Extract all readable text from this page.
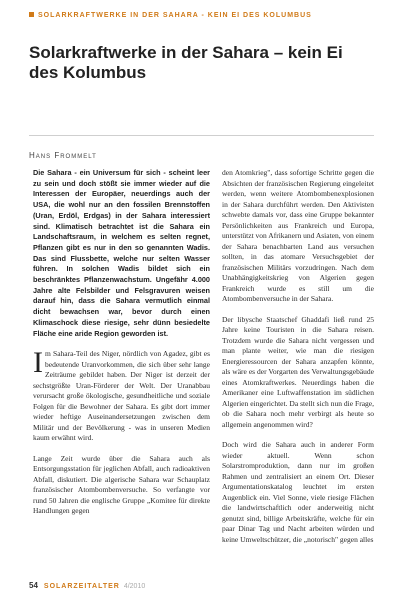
SOLARKRAFTWERKE IN DER SAHARA - KEIN EI DES KOLUMBUS
Solarkraftwerke in der Sahara – kein Ei des Kolumbus
Hans Frommelt

Die Sahara - ein Universum für sich - scheint leer zu sein und doch stößt sie immer wieder auf die Interessen der Europäer, neuerdings auch der USA, die wohl nur an den fossilen Brennstoffen (Uran, Erdöl, Erdgas) in der Sahara interessiert sind. Klimatisch betrachtet ist die Sahara ein Landschaftsraum, in welchem es selten regnet, Pflanzen gibt es nur in den so genannten Wadis. Das sind Flussbette, welche nur selten Wasser führen. In solchen Wadis bildet sich ein beschränktes Pflanzenwachstum. Ungefähr 4.000 Jahre alte Felsbilder und Felsgravuren weisen darauf hin, dass die Sahara vermutlich einmal dicht bewachsen war, bevor durch einen Klimaschock diese riesige, sehr dünn besiedelte Fläche eine aride Region geworden ist.

Im Sahara-Teil des Niger, nördlich von Agadez, gibt es bedeutende Uranvorkommen, die sich über sehr lange Zeiträume gebildet haben. Der Niger ist derzeit der sechstgrößte Uran-Förderer der Welt. Der Uranabbau verursacht große ökologische, gesundheitliche und soziale Folgen für die Bewohner der Sahara. Es gibt dort immer wieder heftige Auseinandersetzungen zwischen dem Militär und der Bevölkerung - was in unseren Medien kaum erwähnt wird.

Lange Zeit wurde über die Sahara auch als Entsorgungsstation für jeglichen Abfall, auch radioaktiven Abfall, diskutiert. Die algerische Sahara war Schauplatz französischer Atombombenversuche. So verfangte vor rund 50 Jahren die englische Gruppe „Komitee für direkte Handlungen gegen

den Atomkrieg", dass sofortige Schritte gegen die Absichten der französischen Regierung eingeleitet werden, wenn weitere Atombombenexplosionen in der Sahara durchführt werden. Den Aktivisten schwebte damals vor, dass eine Gruppe bekannter Persönlichkeiten aus Frankreich und Europa, unterstützt von Afrikanern und Asiaten, von einem der Sahara benachbarten Land aus versuchen sollten, in das atomare Versuchsgebiet der französischen Militärs vorzudringen. Nach dem Unabhängigkeitskrieg von Algerien gegen Frankreich wurde es still um die Atombombenversuche in der Sahara.

Der libysche Staatschef Ghaddafi ließ rund 25 Jahre keine Touristen in die Sahara reisen. Trotzdem wurde die Sahara nicht vergessen und man plante weiter, wie man die riesigen Energieressourcen der Sahara anzapfen könnte, als wäre es der Vorgarten des Verwaltungsgebäude eines Atomkraftwerkes. Neuerdings haben die Amerikaner eine Luftwaffenstation im südlichen Algerien eingerichtet. Da stellt sich nun die Frage, ob die Sahara noch mehr verbirgt als heute so allgemein angenommen wird?

Doch wird die Sahara auch in anderer Form wieder aktuell. Wenn schon Solarstromproduktion, dann nur im großen Rahmen und zentralisiert an einem Ort. Dieser Argumentationskatalog leuchtet im ersten Augenblick ein. Viel Sonne, viele riesige Flächen die landwirtschaftlich oder anderweitig nicht genutzt sind, billige Arbeitskräfte, welche für ein paar Dinar Tag und Nacht arbeiten würden und keine Umweltschützer, die „notorisch" gegen alles

54 SOLARZEITALTER 4/2010
